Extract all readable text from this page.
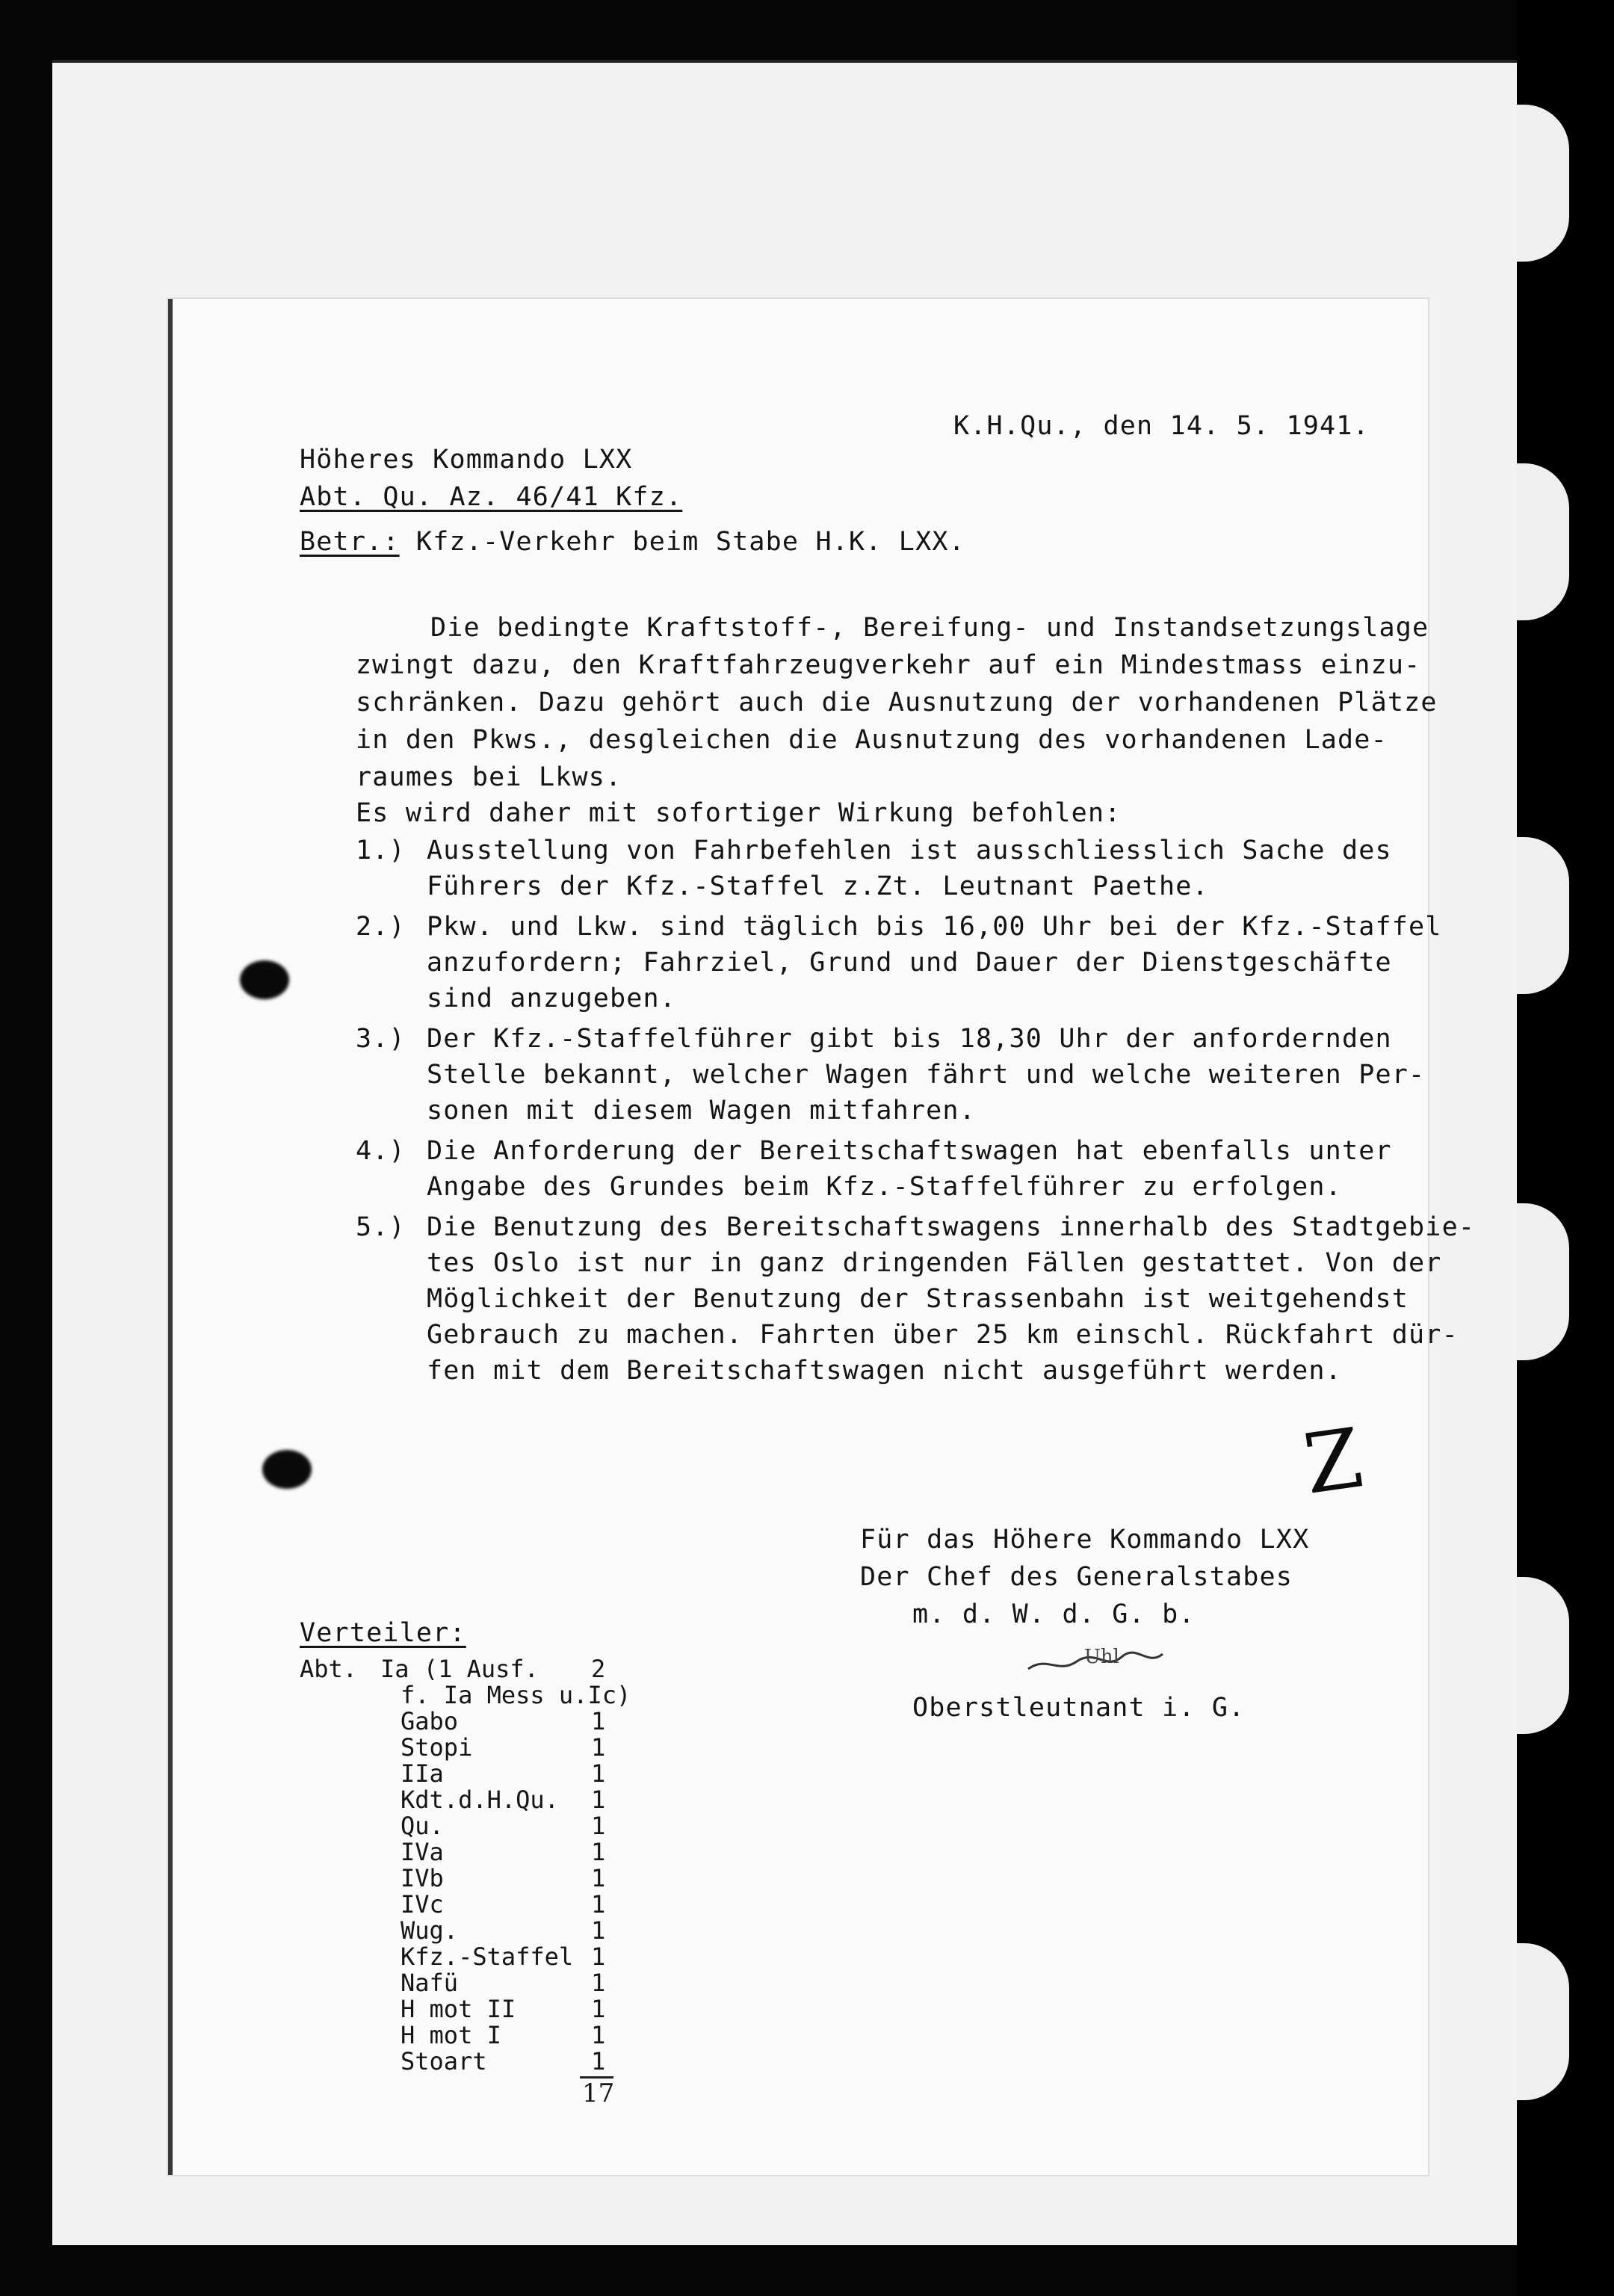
K.H.Qu., den 14. 5. 1941.
Höheres Kommando LXX
Abt. Qu. Az. 46/41 Kfz.
Betr.: Kfz.-Verkehr beim Stabe H.K. LXX.
Die bedingte Kraftstoff-, Bereifung- und Instandsetzungslage
zwingt dazu, den Kraftfahrzeugverkehr auf ein Mindestmass einzu-
schränken. Dazu gehört auch die Ausnutzung der vorhandenen Plätze
in den Pkws., desgleichen die Ausnutzung des vorhandenen Lade-
raumes bei Lkws.
Es wird daher mit sofortiger Wirkung befohlen:
1.) Ausstellung von Fahrbefehlen ist ausschliesslich Sache des
Führers der Kfz.-Staffel z.Zt. Leutnant Paethe.
2.) Pkw. und Lkw. sind täglich bis 16,00 Uhr bei der Kfz.-Staffel
anzufordern; Fahrziel, Grund und Dauer der Dienstgeschäfte
sind anzugeben.
3.) Der Kfz.-Staffelführer gibt bis 18,30 Uhr der anfordernden
Stelle bekannt, welcher Wagen fährt und welche weiteren Per-
sonen mit diesem Wagen mitfahren.
4.) Die Anforderung der Bereitschaftswagen hat ebenfalls unter
Angabe des Grundes beim Kfz.-Staffelführer zu erfolgen.
5.) Die Benutzung des Bereitschaftswagens innerhalb des Stadtgebie-
tes Oslo ist nur in ganz dringenden Fällen gestattet. Von der
Möglichkeit der Benutzung der Strassenbahn ist weitgehendst
Gebrauch zu machen. Fahrten über 25 km einschl. Rückfahrt dür-
fen mit dem Bereitschaftswagen nicht ausgeführt werden.
Z
Für das Höhere Kommando LXX
Der Chef des Generalstabes
m. d. W. d. G. b.
Uhl
Oberstleutnant i. G.
Verteiler:
Abt. Ia (1 Ausf. 2
f. Ia Mess u.Ic)
Gabo	1
Stopi	1
IIa	1
Kdt.d.H.Qu. 1
Qu.	1
IVa	1
IVb	1
IVc	1
Wug.	1
Kfz.-Staffel 1
Nafü	1
H mot II	1
H mot I	1
Stoart	1
17
